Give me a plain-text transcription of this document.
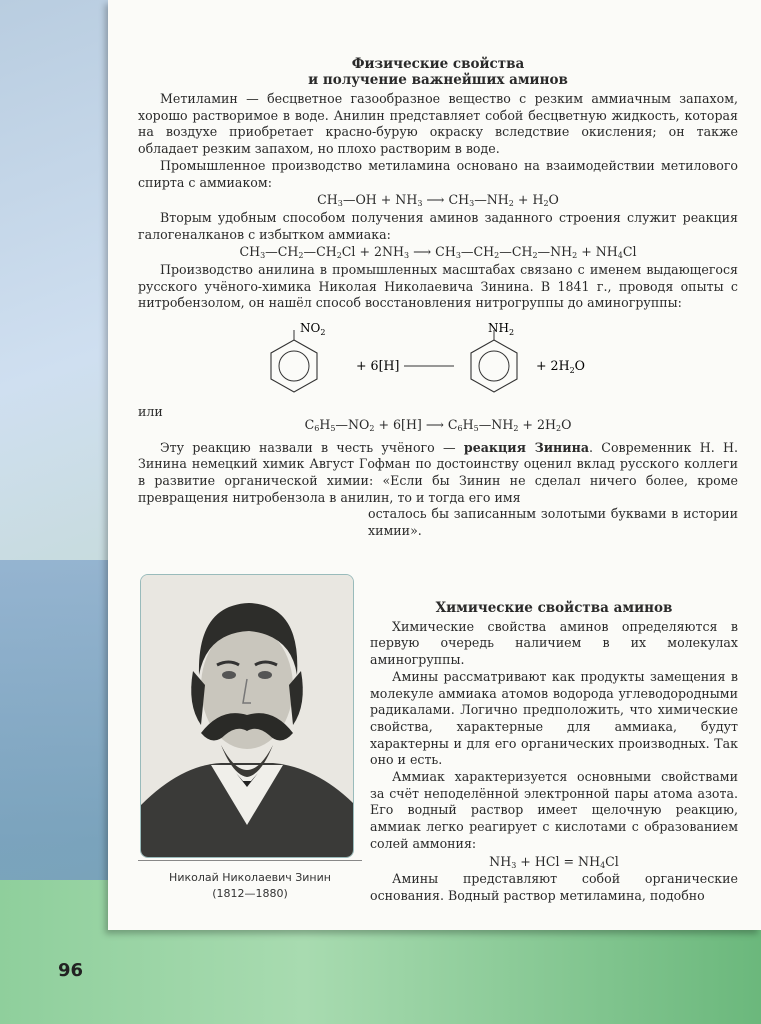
Физические свойства
и получение важнейших аминов

Метиламин — бесцветное газообразное вещество с резким аммиачным запахом, хорошо растворимое в воде. Анилин представляет собой бесцветную жидкость, которая на воздухе приобретает красно-бурую окраску вследствие окисления; он также обладает резким запахом, но плохо растворим в воде.

Промышленное производство метиламина основано на взаимодействии метилового спирта с аммиаком:

$CH_3—OH + NH_3$ ⟶ $CH_3—NH_2 + H_2O$

Вторым удобным способом получения аминов заданного строения служит реакция галогеналканов с избытком аммиака:

$CH_3—CH_2—CH_2Cl + 2NH_3$ ⟶ $CH_3—CH_2—CH_2—NH_2 + NH_4Cl$

Производство анилина в промышленных масштабах связано с именем выдающегося русского учёного-химика Николая Николаевича Зинина. В 1841 г., проводя опыты с нитробензолом, он нашёл способ восстановления нитрогруппы до аминогруппы:

$NO_2$
+ 6[H]
$NH_2$
+ $2H_2O$

или

$C_6H_5—NO_2 + 6[H]$ ⟶ $C_6H_5—NH_2 + 2H_2O$

Эту реакцию назвали в честь учёного — реакция Зинина. Современник Н. Н. Зинина немецкий химик Август Гофман по достоинству оценил вклад русского коллеги в развитие органической химии: «Если бы Зинин не сделал ничего более, кроме превращения нитробензола в анилин, то и тогда его имя

осталось бы записанным золотыми буквами в истории химии».

Николай Николаевич Зинин
(1812—1880)
Химические свойства аминов

Химические свойства аминов определяются в первую очередь наличием в их молекулах аминогруппы.

Амины рассматривают как продукты замещения в молекуле аммиака атомов водорода углеводородными радикалами. Логично предположить, что химические свойства, характерные для аммиака, будут характерны и для его органических производных. Так оно и есть.

Аммиак характеризуется основными свойствами за счёт неподелённой электронной пары атома азота. Его водный раствор имеет щелочную реакцию, аммиак легко реагирует с кислотами с образованием солей аммония:

$NH_3$ + HCl = $NH_4Cl$

Амины представляют собой органические основания. Водный раствор метиламина, подобно

96
